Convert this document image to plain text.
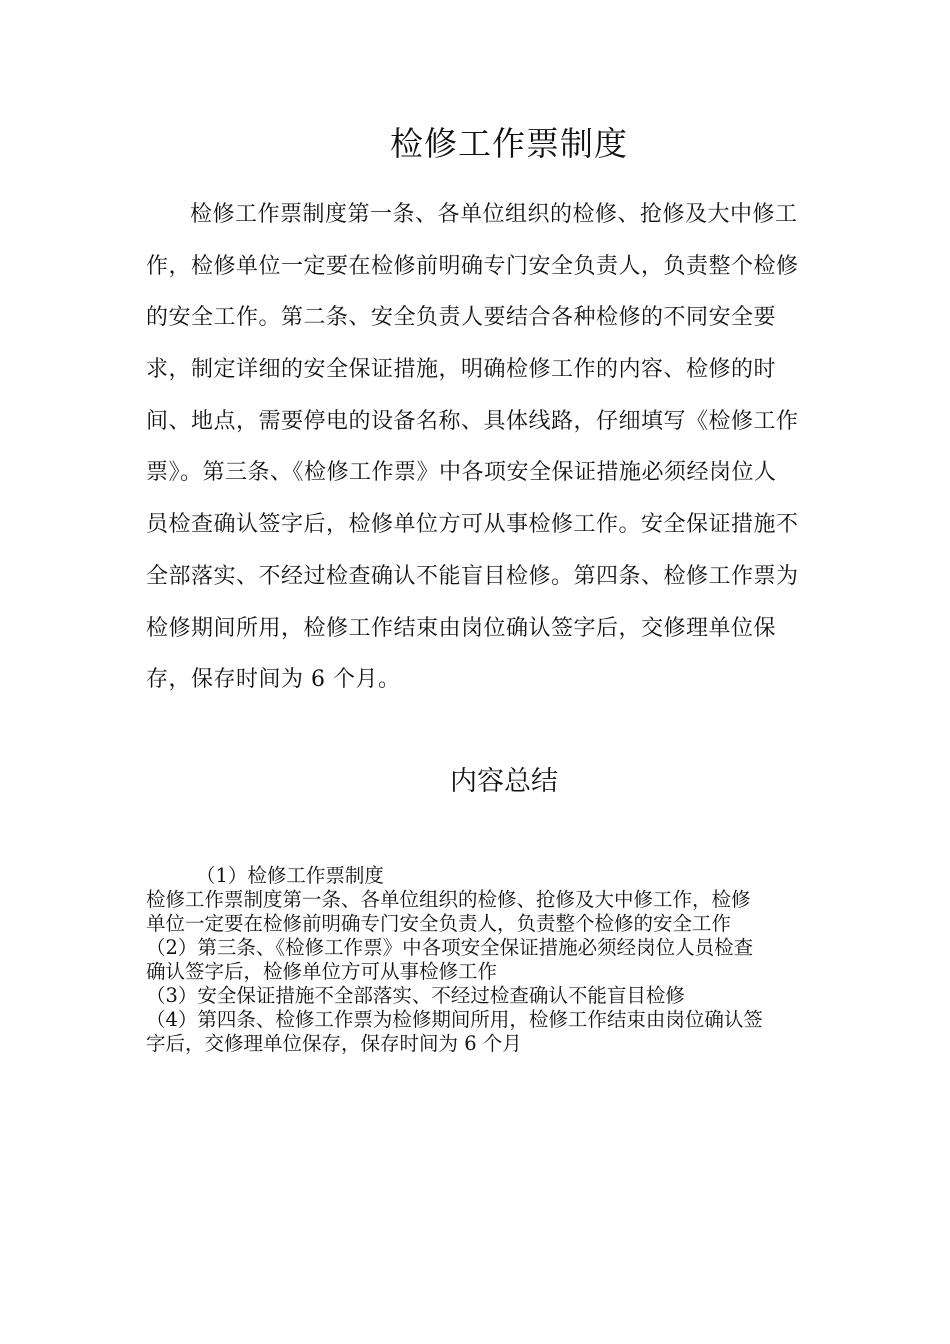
检修工作票制度
检修工作票制度第一条、各单位组织的检修、抢修及大中修工
作，检修单位一定要在检修前明确专门安全负责人，负责整个检修
的安全工作。第二条、安全负责人要结合各种检修的不同安全要
求，制定详细的安全保证措施，明确检修工作的内容、检修的时
间、地点，需要停电的设备名称、具体线路，仔细填写《检修工作
票》。第三条、《检修工作票》中各项安全保证措施必须经岗位人
员检查确认签字后，检修单位方可从事检修工作。安全保证措施不
全部落实、不经过检查确认不能盲目检修。第四条、检修工作票为
检修期间所用，检修工作结束由岗位确认签字后，交修理单位保
存，保存时间为 6 个月。
内容总结
（1）检修工作票制度
检修工作票制度第一条、各单位组织的检修、抢修及大中修工作，检修
单位一定要在检修前明确专门安全负责人，负责整个检修的安全工作
（2）第三条、《检修工作票》中各项安全保证措施必须经岗位人员检查
确认签字后，检修单位方可从事检修工作
（3）安全保证措施不全部落实、不经过检查确认不能盲目检修
（4）第四条、检修工作票为检修期间所用，检修工作结束由岗位确认签
字后，交修理单位保存，保存时间为 6 个月
